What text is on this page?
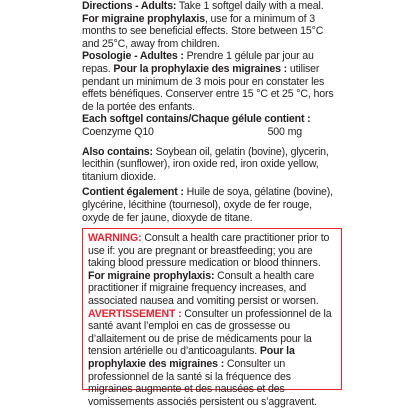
Directions - Adults: Take 1 softgel daily with a meal. For migraine prophylaxis, use for a minimum of 3 months to see beneficial effects. Store between 15°C and 25°C, away from children.

Posologie - Adultes : Prendre 1 gélule par jour au repas. Pour la prophylaxie des migraines : utiliser pendant un minimum de 3 mois pour en constater les effets bénéfiques. Conserver entre 15 °C et 25 °C, hors de la portée des enfants.

Each softgel contains/Chaque gélule contient :

Coenzyme Q10	500 mg

Also contains: Soybean oil, gelatin (bovine), glycerin, lecithin (sunflower), iron oxide red, iron oxide yellow, titanium dioxide.

Contient également : Huile de soya, gélatine (bovine), glycérine, lécithine (tournesol), oxyde de fer rouge, oxyde de fer jaune, dioxyde de titane.

WARNING: Consult a health care practitioner prior to use if: you are pregnant or breastfeeding; you are taking blood pressure medication or blood thinners. For migraine prophylaxis: Consult a health care practitioner if migraine frequency increases, and associated nausea and vomiting persist or worsen.

AVERTISSEMENT : Consulter un professionnel de la santé avant l’emploi en cas de grossesse ou d’allaitement ou de prise de médicaments pour la tension artérielle ou d’anticoagulants. Pour la prophylaxie des migraines : Consulter un professionnel de la santé si la fréquence des migraines augmente et des nausées et des vomissements associés persistent ou s’aggravent.
